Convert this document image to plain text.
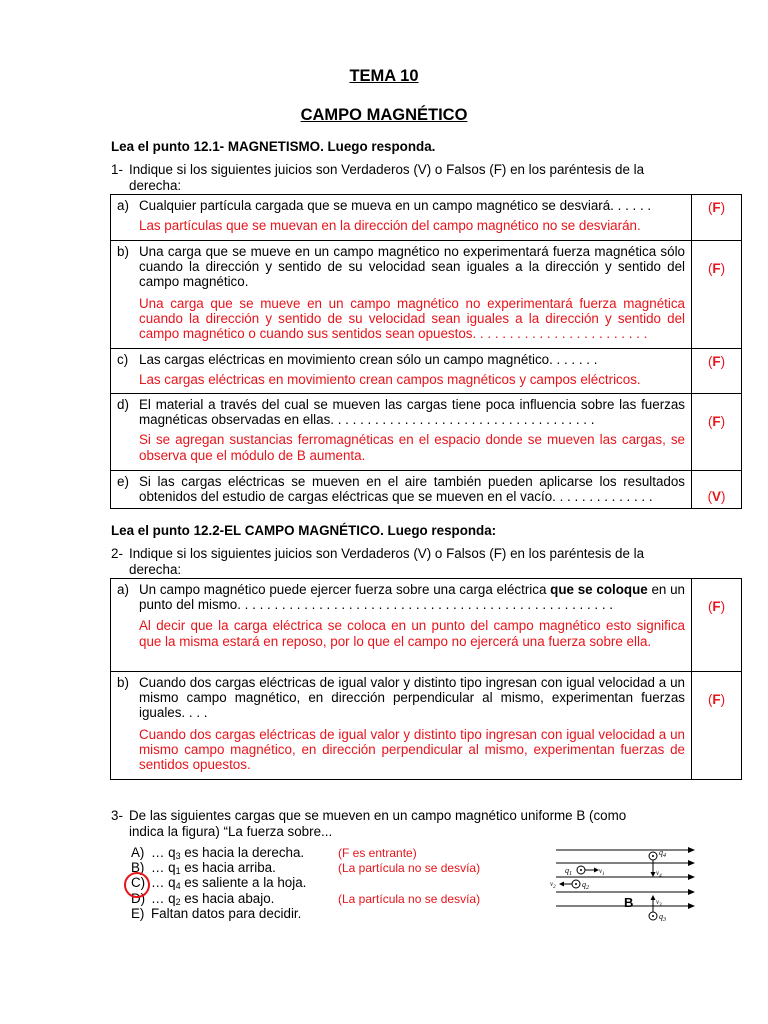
TEMA 10
CAMPO MAGNÉTICO
Lea el punto 12.1- MAGNETISMO. Luego responda.
1- Indique si los siguientes juicios son Verdaderos (V) o Falsos (F) en los paréntesis de la
derecha:
a) Cualquier partícula cargada que se mueva en un campo magnético se desviará. . . . . .
Las partículas que se muevan en la dirección del campo magnético no se desviarán.	(F)

b) Una carga que se mueve en un campo magnético no experimentará fuerza magnética sólo cuando la dirección y sentido de su velocidad sean iguales a la dirección y sentido del campo magnético.
Una carga que se mueve en un campo magnético no experimentará fuerza magnética cuando la dirección y sentido de su velocidad sean iguales a la dirección y sentido del campo magnético o cuando sus sentidos sean opuestos. . . . . . . . . . . . . . . . . . . . . . . .	(F)

c) Las cargas eléctricas en movimiento crean sólo un campo magnético. . . . . . .
Las cargas eléctricas en movimiento crean campos magnéticos y campos eléctricos.	(F)

d) El material a través del cual se mueven las cargas tiene poca influencia sobre las fuerzas magnéticas observadas en ellas. . . . . . . . . . . . . . . . . . . . . . . . . . . . . . . . . . . .
Si se agregan sustancias ferromagnéticas en el espacio donde se mueven las cargas, se observa que el módulo de B aumenta.	(F)

e) Si las cargas eléctricas se mueven en el aire también pueden aplicarse los resultados obtenidos del estudio de cargas eléctricas que se mueven en el vacío. . . . . . . . . . . . . .	(V)
Lea el punto 12.2-EL CAMPO MAGNÉTICO. Luego responda:
2- Indique si los siguientes juicios son Verdaderos (V) o Falsos (F) en los paréntesis de la
derecha:
a) Un campo magnético puede ejercer fuerza sobre una carga eléctrica que se coloque en un punto del mismo. . . . . . . . . . . . . . . . . . . . . . . . . . . . . . . . . . . . . . . . . . . . . . . . . . .
Al decir que la carga eléctrica se coloca en un punto del campo magnético esto significa que la misma estará en reposo, por lo que el campo no ejercerá una fuerza sobre ella.	(F)

b) Cuando dos cargas eléctricas de igual valor y distinto tipo ingresan con igual velocidad a un mismo campo magnético, en dirección perpendicular al mismo, experimentan fuerzas iguales. . . .
Cuando dos cargas eléctricas de igual valor y distinto tipo ingresan con igual velocidad a un mismo campo magnético, en dirección perpendicular al mismo, experimentan fuerzas de sentidos opuestos.	(F)
3- De las siguientes cargas que se mueven en un campo magnético uniforme B (como
indica la figura) “La fuerza sobre...
A) … $q_3$ es hacia la derecha.	(F es entrante)
B) … $q_1$ es hacia arriba.	(La partícula no se desvía)
C) … $q_4$ es saliente a la hoja.
D) … $q_2$ es hacia abajo.	(La partícula no se desvía)
E) Faltan datos para decidir.
$q_4$
$v_4$
$q_1$	$v_1$
$v_2$	$q_2$
B	$v_3$
$q_3$
